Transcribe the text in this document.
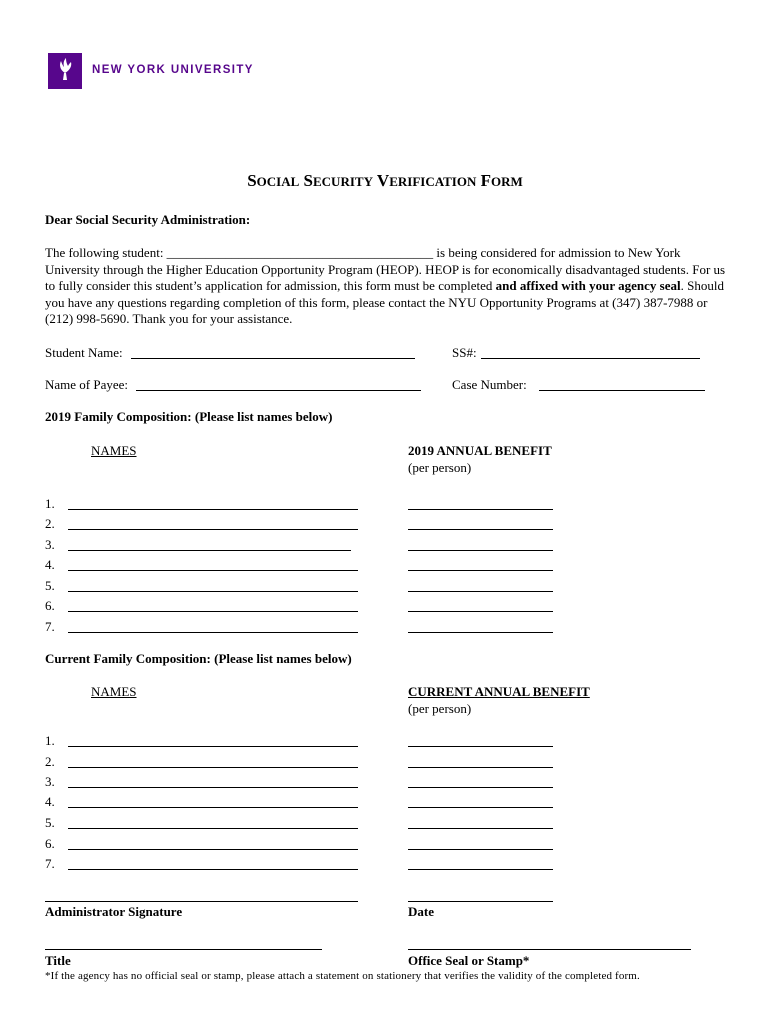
NEW YORK UNIVERSITY
SOCIAL SECURITY VERIFICATION FORM
Dear Social Security Administration:
The following student: _________________________________________ is being considered for admission to New York University through the Higher Education Opportunity Program (HEOP). HEOP is for economically disadvantaged students. For us to fully consider this student’s application for admission, this form must be completed and affixed with your agency seal. Should you have any questions regarding completion of this form, please contact the NYU Opportunity Programs at (347) 387-7988 or (212) 998-5690. Thank you for your assistance.
Student Name:	SS#:
Name of Payee:	Case Number:
2019 Family Composition: (Please list names below)
NAMES	2019 ANNUAL BENEFIT
(per person)
1.
2.
3.
4.
5.
6.
7.
Current Family Composition: (Please list names below)
NAMES	CURRENT ANNUAL BENEFIT
(per person)
1.
2.
3.
4.
5.
6.
7.
Administrator Signature	Date
Title	Office Seal or Stamp*
*If the agency has no official seal or stamp, please attach a statement on stationery that verifies the validity of the completed form.
